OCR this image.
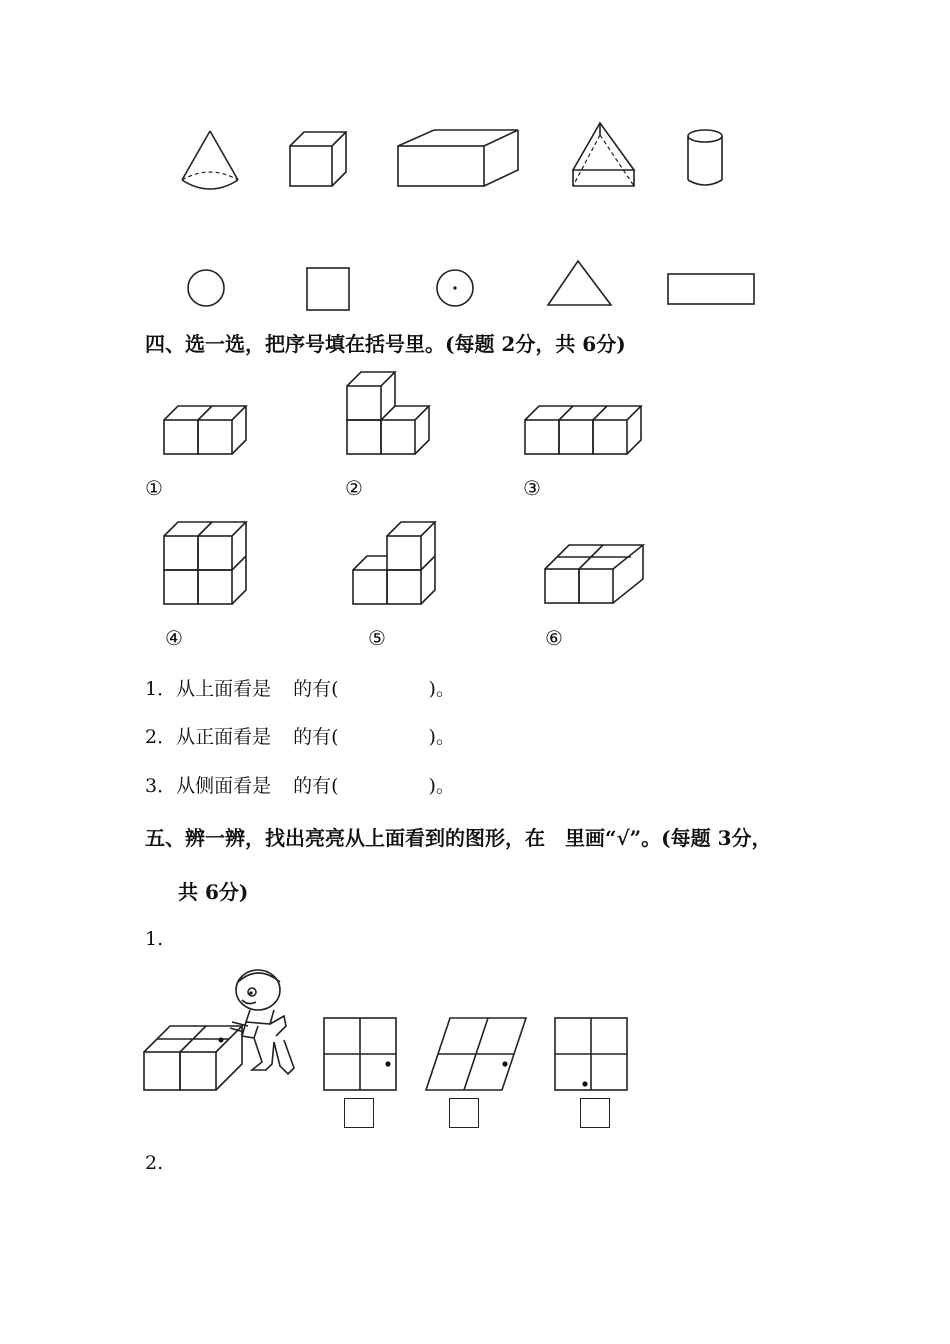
四、选一选，把序号填在括号里。(每题 2分，共 6分)
①	②	③
④	⑤	⑥
1．从上面看是 的有(	)。
2．从正面看是 的有(	)。
3．从侧面看是 的有(	)。
五、辨一辨，找出亮亮从上面看到的图形，在　里画“√”。(每题 3分，
共 6分)
1.
2.
